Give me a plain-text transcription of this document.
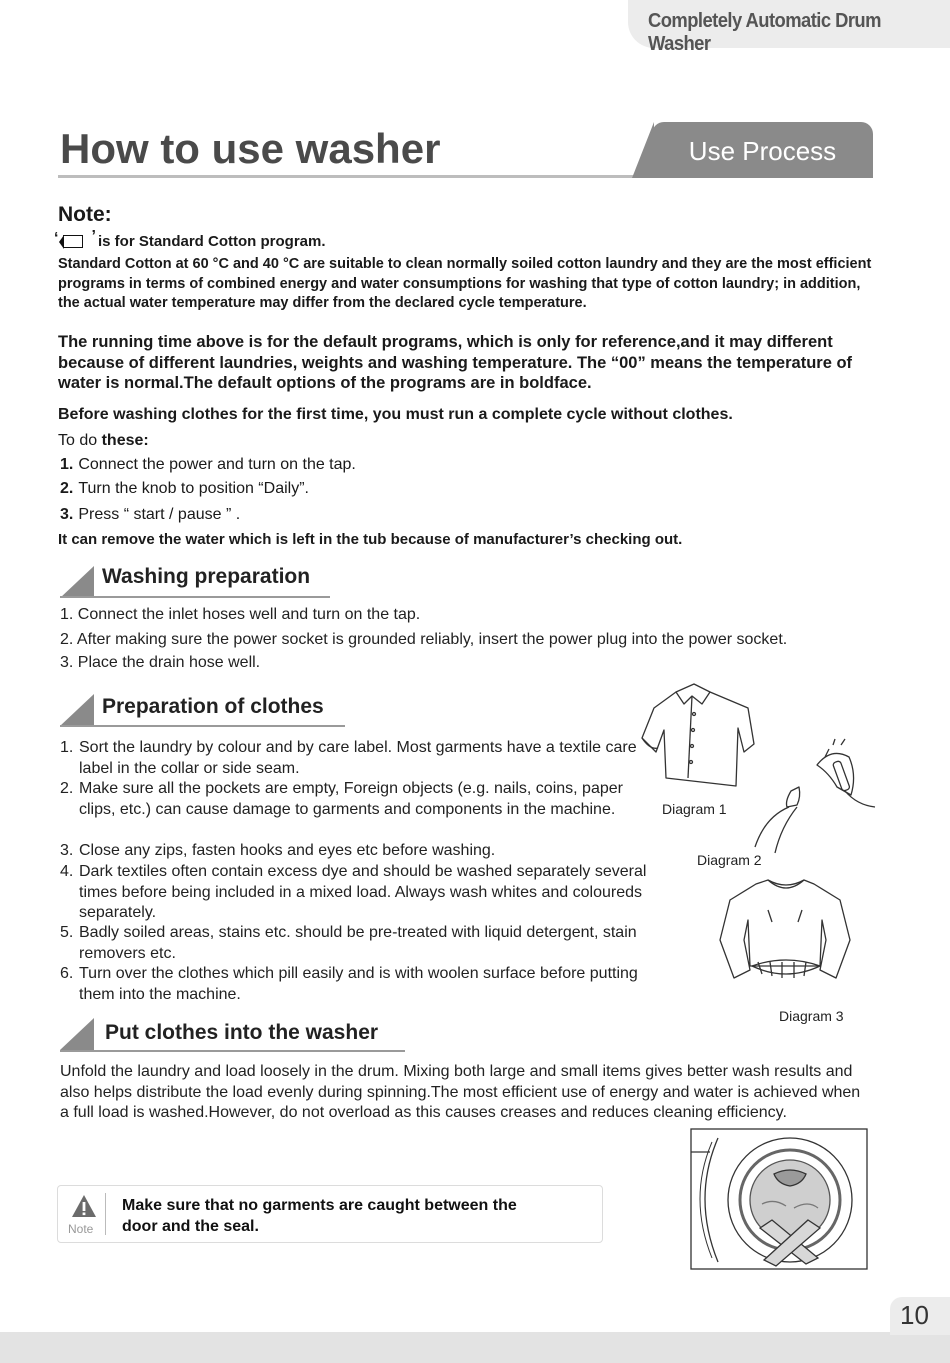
Completely Automatic Drum Washer
How to use washer	Use Process
Note:
‘
’is for Standard Cotton program.
Standard Cotton at 60 °C and 40 °C are suitable to clean normally soiled cotton laundry and they are the most efficient programs in terms of combined energy and water consumptions for washing that type of cotton laundry; in addition, the actual water temperature may differ from the declared cycle temperature.
The running time above is for the default programs, which is only for reference,and it may different because of different laundries, weights and washing temperature. The “00” means the temperature of water is normal.The default options of the programs are in boldface.
Before washing clothes for the first time, you must run a complete cycle without clothes.
To do these:
1. Connect the power and turn on the tap.
2. Turn the knob to position “Daily”.
3. Press “ start / pause ” .
It can remove the water which is left in the tub because of manufacturer’s checking out.
Washing preparation
1. Connect the inlet hoses well and turn on the tap.
2. After making sure the power socket is grounded reliably, insert the power plug into the power socket.
3. Place the drain hose well.
Preparation of clothes
1. Sort the laundry by colour and by care label. Most garments have a textile care label in the collar or side seam.
2. Make sure all the pockets are empty, Foreign objects (e.g. nails, coins, paper clips, etc.) can cause damage to garments and components in the machine.
3. Close any zips, fasten hooks and eyes etc before washing.
4. Dark textiles often contain excess dye and should be washed separately several times before being included in a mixed load. Always wash whites and coloureds separately.
5. Badly soiled areas, stains etc. should be pre-treated with liquid detergent, stain removers etc.
6. Turn over the clothes which pill easily and is with woolen surface before putting them into the machine.
Diagram 1
Diagram 2
Diagram 3
Put clothes into the washer
Unfold the laundry and load loosely in the drum. Mixing both large and small items gives better wash results and also helps distribute the load evenly during spinning.The most efficient use of energy and water is achieved when a full load is washed.However, do not overload as this causes creases and reduces cleaning efficiency.
Note
Make sure that no garments are caught between the
door and the seal.
10
